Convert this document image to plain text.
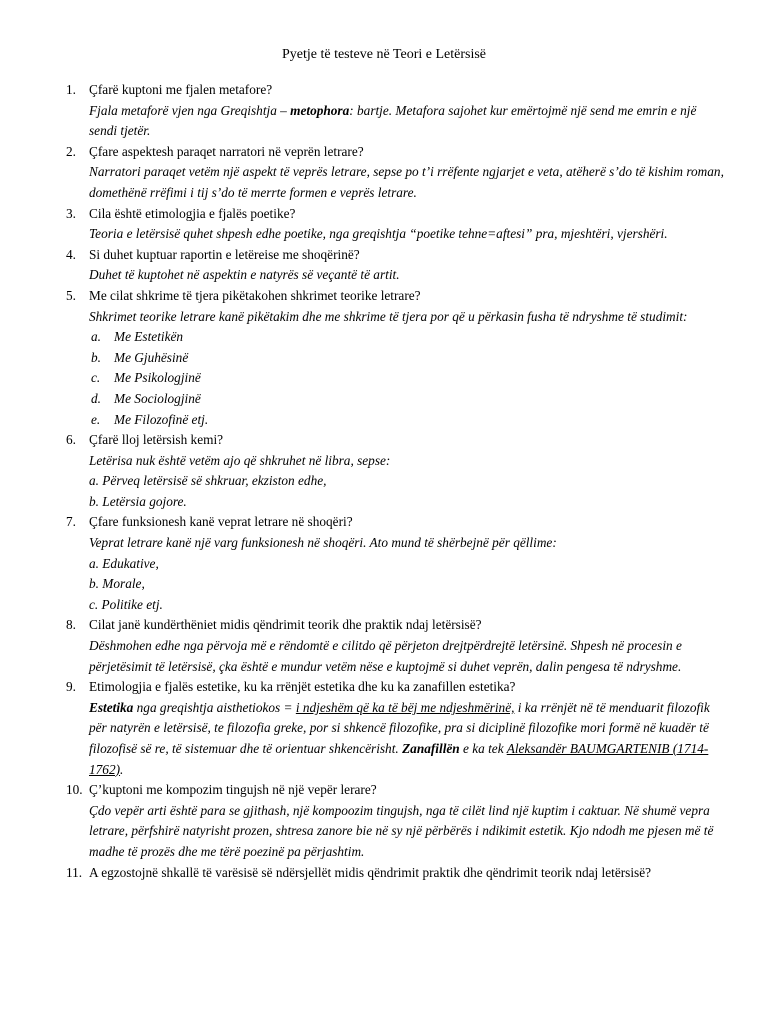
Pyetje të testeve në Teori e Letërsisë
1. Çfarë kuptoni me fjalen metafore?
Fjala metaforë vjen nga Greqishtja – metophora: bartje. Metafora sajohet kur emërtojmë një send me emrin e një sendi tjetër.
2. Çfare aspektesh paraqet narratori në veprën letrare?
Narratori paraqet vetëm një aspekt të veprës letrare, sepse po t’i rrëfente ngjarjet e veta, atëherë s’do të kishim roman, domethënë rrëfimi i tij s’do të merrte formen e veprës letrare.
3. Cila është etimologjia e fjalës poetike?
Teoria e letërsisë quhet shpesh edhe poetike, nga greqishtja “poetike tehne=aftesi” pra, mjeshtëri, vjershëri.
4. Si duhet kuptuar raportin e letëreise me shoqërinë?
Duhet të kuptohet në aspektin e natyrës së veçantë të artit.
5. Me cilat shkrime të tjera pikëtakohen shkrimet teorike letrare?
Shkrimet teorike letrare kanë pikëtakim dhe me shkrime të tjera por që u përkasin fusha të ndryshme të studimit:
a. Me Estetikën
b. Me Gjuhësinë
c. Me Psikologjinë
d. Me Sociologjinë
e. Me Filozofinë etj.
6. Çfarë lloj letërsish kemi?
Letërisa nuk është vetëm ajo që shkruhet në libra, sepse:
a. Përveq letërsisë së shkruar, ekziston edhe,
b. Letërsia gojore.
7. Çfare funksionesh kanë veprat letrare në shoqëri?
Veprat letrare kanë një varg funksionesh në shoqëri. Ato mund të shërbejnë për qëllime:
a. Edukative,
b. Morale,
c. Politike etj.
8. Cilat janë kundërthëniet midis qëndrimit teorik dhe praktik ndaj letërsisë?
Dëshmohen edhe nga përvoja më e rëndomtë e cilitdo që përjeton drejtpërdrejtë letërsinë. Shpesh në procesin e përjetësimit të letërsisë, çka është e mundur vetëm nëse e kuptojmë si duhet veprën, dalin pengesa të ndryshme.
9. Etimologjia e fjalës estetike, ku ka rrënjët estetika dhe ku ka zanafillen estetika?
Estetika nga greqishtja aisthetiokos = i ndjeshëm që ka të bëj me ndjeshmërinë, i ka rrënjët në të menduarit filozofik për natyrën e letërsisë, te filozofia greke, por si shkencë filozofike, pra si diciplinë filozofike mori formë në kuadër të filozofisë së re, të sistemuar dhe të orientuar shkencërisht. Zanafillën e ka tek Aleksandër BAUMGARTENIB (1714-1762).
10. Ç’kuptoni me kompozim tingujsh në një vepër lerare?
Çdo vepër arti është para se gjithash, një kompoozim tingujsh, nga të cilët lind një kuptim i caktuar. Në shumë vepra letrare, përfshirë natyrisht prozen, shtresa zanore bie në sy një përbërës i ndikimit estetik. Kjo ndodh me pjesen më të madhe të prozës dhe me tërë poezinë pa përjashtim.
11. A egzostojnë shkallë të varësisë së ndërsjellët midis qëndrimit praktik dhe qëndrimit teorik ndaj letërsisë?
